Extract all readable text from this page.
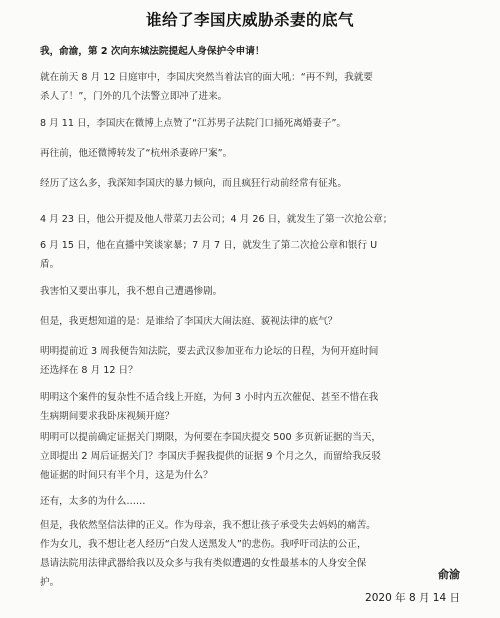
谁给了李国庆威胁杀妻的底气
我，俞渝，第 2 次向东城法院提起人身保护令申请！
就在前天 8 月 12 日庭审中，李国庆突然当着法官的面大吼：“再不判，我就要
杀人了！”，门外的几个法警立即冲了进来。
8 月 11 日，李国庆在微博上点赞了“江苏男子法院门口捅死离婚妻子”。
再往前，他还微博转发了“杭州杀妻碎尸案”。
经历了这么多，我深知李国庆的暴力倾向，而且疯狂行动前经常有征兆。
4 月 23 日，他公开提及他人带菜刀去公司；4 月 26 日，就发生了第一次抢公章；
6 月 15 日，他在直播中笑谈家暴；7 月 7 日，就发生了第二次抢公章和银行 U
盾。
我害怕又要出事儿，我不想自己遭遇惨剧。
但是，我更想知道的是：是谁给了李国庆大闹法庭、藐视法律的底气？
明明提前近 3 周我便告知法院，要去武汉参加亚布力论坛的日程，为何开庭时间
还选择在 8 月 12 日？
明明这个案件的复杂性不适合线上开庭，为何 3 小时内五次催促、甚至不惜在我
生病期间要求我卧床视频开庭？
明明可以提前确定证据关门期限，为何要在李国庆提交 500 多页新证据的当天，
立即提出 2 周后证据关门？李国庆手握我提供的证据 9 个月之久，而留给我反驳
他证据的时间只有半个月，这是为什么？
还有，太多的为什么……
但是，我依然坚信法律的正义。作为母亲，我不想让孩子承受失去妈妈的痛苦。
作为女儿，我不想让老人经历“白发人送黑发人”的悲伤。我呼吁司法的公正，
恳请法院用法律武器给我以及众多与我有类似遭遇的女性最基本的人身安全保
护。
俞渝
2020 年 8 月 14 日
